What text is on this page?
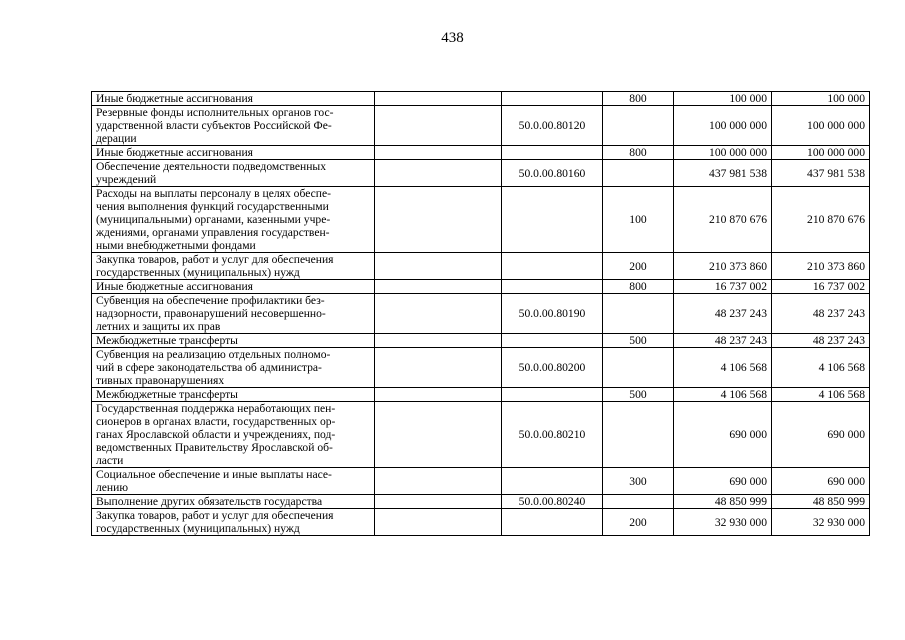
438
Иные бюджетные ассигнования			800	100 000	100 000

Резервные фонды исполнительных органов гос-
ударственной власти субъектов Российской Фе-
дерации		50.0.00.80120		100 000 000	100 000 000

Иные бюджетные ассигнования			800	100 000 000	100 000 000

Обеспечение деятельности подведомственных
учреждений		50.0.00.80160		437 981 538	437 981 538

Расходы на выплаты персоналу в целях обеспе-
чения выполнения функций государственными
(муниципальными) органами, казенными учре-
ждениями, органами управления государствен-
ными внебюджетными фондами			100	210 870 676	210 870 676

Закупка товаров, работ и услуг для обеспечения
государственных (муниципальных) нужд			200	210 373 860	210 373 860

Иные бюджетные ассигнования			800	16 737 002	16 737 002

Субвенция на обеспечение профилактики без-
надзорности, правонарушений несовершенно-
летних и защиты их прав		50.0.00.80190		48 237 243	48 237 243

Межбюджетные трансферты			500	48 237 243	48 237 243

Субвенция на реализацию отдельных полномо-
чий в сфере законодательства об администра-
тивных правонарушениях		50.0.00.80200		4 106 568	4 106 568

Межбюджетные трансферты			500	4 106 568	4 106 568

Государственная поддержка неработающих пен-
сионеров в органах власти, государственных ор-
ганах Ярославской области и учреждениях, под-
ведомственных Правительству Ярославской об-
ласти		50.0.00.80210		690 000	690 000

Социальное обеспечение и иные выплаты насе-
лению			300	690 000	690 000

Выполнение других обязательств государства		50.0.00.80240		48 850 999	48 850 999

Закупка товаров, работ и услуг для обеспечения
государственных (муниципальных) нужд			200	32 930 000	32 930 000
